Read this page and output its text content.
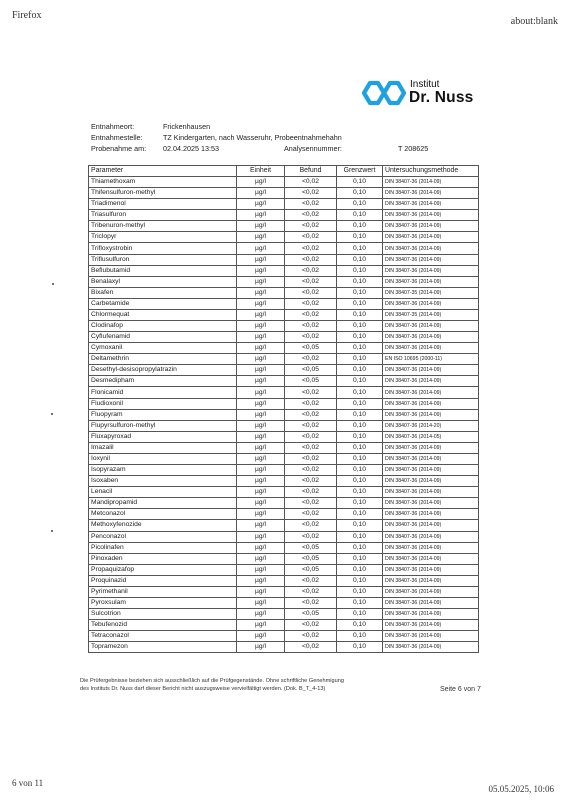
Firefox
about:blank
Institut
Dr. Nuss
Entnahmeort:	Frickenhausen
Entnahmestelle:	TZ Kindergarten, nach Wasseruhr, Probeentnahmehahn
Probenahme am: 02.04.2025 13:53	Analysennummer:	T 208625
Parameter	Einheit	Befund	Grenzwert	Untersuchungsmethode
Thiamethoxam	µg/l	<0,02	0,10	DIN 38407-36 (2014-09)
Thifensulfuron-methyl	µg/l	<0,02	0,10	DIN 38407-36 (2014-09)
Triadimenol	µg/l	<0,02	0,10	DIN 38407-36 (2014-09)
Triasulfuron	µg/l	<0,02	0,10	DIN 38407-36 (2014-09)
Tribenuron-methyl	µg/l	<0,02	0,10	DIN 38407-36 (2014-09)
Triclopyr	µg/l	<0,02	0,10	DIN 38407-36 (2014-09)
Trifloxystrobin	µg/l	<0,02	0,10	DIN 38407-36 (2014-09)
Triflusulfuron	µg/l	<0,02	0,10	DIN 38407-36 (2014-09)
Beflubutamid	µg/l	<0,02	0,10	DIN 38407-36 (2014-09)
Benalaxyl	µg/l	<0,02	0,10	DIN 38407-36 (2014-09)
Bixafen	µg/l	<0,02	0,10	DIN 38407-35 (2014-09)
Carbetamide	µg/l	<0,02	0,10	DIN 38407-36 (2014-09)
Chlormequat	µg/l	<0,02	0,10	DIN 38407-35 (2014-09)
Clodinafop	µg/l	<0,02	0,10	DIN 38407-36 (2014-09)
Cyflufenamid	µg/l	<0,02	0,10	DIN 38407-36 (2014-09)
Cymoxanil	µg/l	<0,05	0,10	DIN 38407-36 (2014-09)
Deltamethrin	µg/l	<0,02	0,10	EN ISO 10695 (2000-11)
Desethyl-desisopropylatrazin	µg/l	<0,05	0,10	DIN 38407-36 (2014-09)
Desmedipham	µg/l	<0,05	0,10	DIN 38407-36 (2014-09)
Flonicamid	µg/l	<0,02	0,10	DIN 38407-36 (2014-09)
Fludioxonil	µg/l	<0,02	0,10	DIN 38407-36 (2014-09)
Fluopyram	µg/l	<0,02	0,10	DIN 38407-36 (2014-09)
Flupyrsulfuron-methyl	µg/l	<0,02	0,10	DIN 38407-36 (2014-20)
Fluxapyroxad	µg/l	<0,02	0,10	DIN 38407-36 (2014-05)
Imazalil	µg/l	<0,02	0,10	DIN 38407-36 (2014-09)
Ioxynil	µg/l	<0,02	0,10	DIN 38407-36 (2014-09)
Isopyrazam	µg/l	<0,02	0,10	DIN 38407-36 (2014-09)
Isoxaben	µg/l	<0,02	0,10	DIN 38407-36 (2014-09)
Lenacil	µg/l	<0,02	0,10	DIN 38407-36 (2014-09)
Mandipropamid	µg/l	<0,02	0,10	DIN 38407-36 (2014-09)
Metconazol	µg/l	<0,02	0,10	DIN 38407-36 (2014-09)
Methoxyfenozide	µg/l	<0,02	0,10	DIN 38407-36 (2014-09)
Penconazol	µg/l	<0,02	0,10	DIN 38407-36 (2014-09)
Picolinafen	µg/l	<0,05	0,10	DIN 38407-36 (2014-09)
Pinoxaden	µg/l	<0,05	0,10	DIN 38407-36 (2014-09)
Propaquizafop	µg/l	<0,05	0,10	DIN 38407-36 (2014-09)
Proquinazid	µg/l	<0,02	0,10	DIN 38407-36 (2014-09)
Pyrimethanil	µg/l	<0,02	0,10	DIN 38407-36 (2014-09)
Pyroxsulam	µg/l	<0,02	0,10	DIN 38407-36 (2014-09)
Sulcotrion	µg/l	<0,05	0,10	DIN 38407-36 (2014-09)
Tebufenozid	µg/l	<0,02	0,10	DIN 38407-36 (2014-09)
Tetraconazol	µg/l	<0,02	0,10	DIN 38407-36 (2014-09)
Topramezon	µg/l	<0,02	0,10	DIN 38407-36 (2014-09)
Die Prüfergebnisse beziehen sich ausschließlich auf die Prüfgegenstände. Ohne schriftliche Genehmigung
des Instituts Dr. Nuss darf dieser Bericht nicht auszugsweise vervielfältigt werden. (Dok. B_T_4-13)	Seite 6 von 7
6 von 11
05.05.2025, 10:06
